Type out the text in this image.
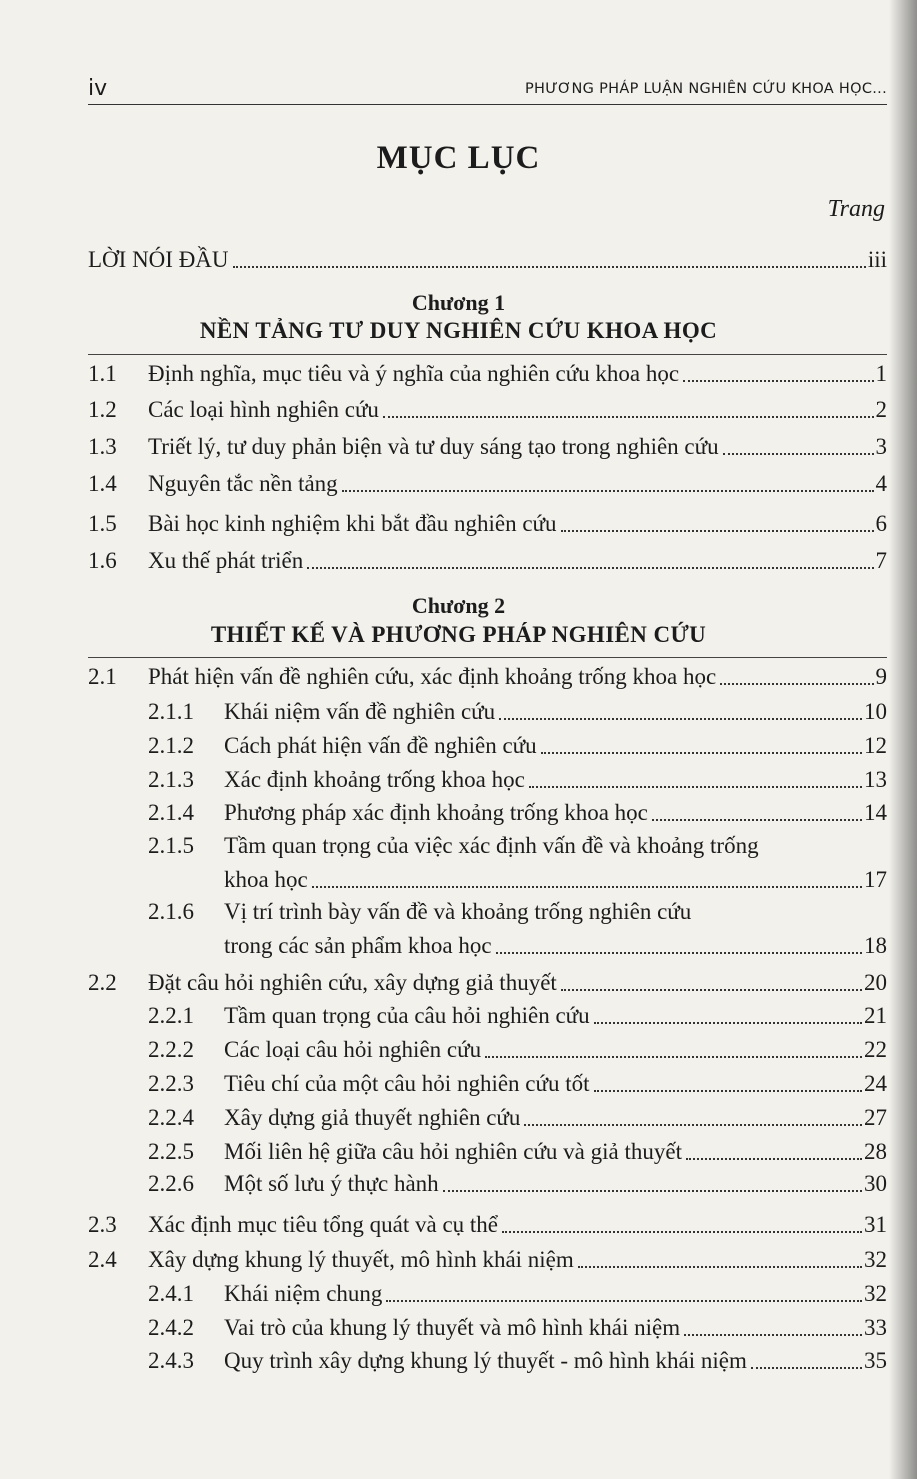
iv	PHƯƠNG PHÁP LUẬN NGHIÊN CỨU KHOA HỌC...
MỤC LỤC
Trang
LỜI NÓI ĐẦU	iii
Chương 1
NỀN TẢNG TƯ DUY NGHIÊN CỨU KHOA HỌC
1.1	Định nghĩa, mục tiêu và ý nghĩa của nghiên cứu khoa học	1
1.2	Các loại hình nghiên cứu	2
1.3	Triết lý, tư duy phản biện và tư duy sáng tạo trong nghiên cứu	3
1.4	Nguyên tắc nền tảng	4
1.5	Bài học kinh nghiệm khi bắt đầu nghiên cứu	6
1.6	Xu thế phát triển	7
Chương 2
THIẾT KẾ VÀ PHƯƠNG PHÁP NGHIÊN CỨU
2.1	Phát hiện vấn đề nghiên cứu, xác định khoảng trống khoa học	9
2.1.1	Khái niệm vấn đề nghiên cứu	10
2.1.2	Cách phát hiện vấn đề nghiên cứu	12
2.1.3	Xác định khoảng trống khoa học	13
2.1.4	Phương pháp xác định khoảng trống khoa học	14
2.1.5 Tầm quan trọng của việc xác định vấn đề và khoảng trống
khoa học	17
2.1.6 Vị trí trình bày vấn đề và khoảng trống nghiên cứu
trong các sản phẩm khoa học	18
2.2	Đặt câu hỏi nghiên cứu, xây dựng giả thuyết	20
2.2.1	Tầm quan trọng của câu hỏi nghiên cứu	21
2.2.2	Các loại câu hỏi nghiên cứu	22
2.2.3	Tiêu chí của một câu hỏi nghiên cứu tốt	24
2.2.4	Xây dựng giả thuyết nghiên cứu	27
2.2.5	Mối liên hệ giữa câu hỏi nghiên cứu và giả thuyết	28
2.2.6	Một số lưu ý thực hành	30
2.3	Xác định mục tiêu tổng quát và cụ thể	31
2.4	Xây dựng khung lý thuyết, mô hình khái niệm	32
2.4.1	Khái niệm chung	32
2.4.2	Vai trò của khung lý thuyết và mô hình khái niệm	33
2.4.3	Quy trình xây dựng khung lý thuyết - mô hình khái niệm	35
